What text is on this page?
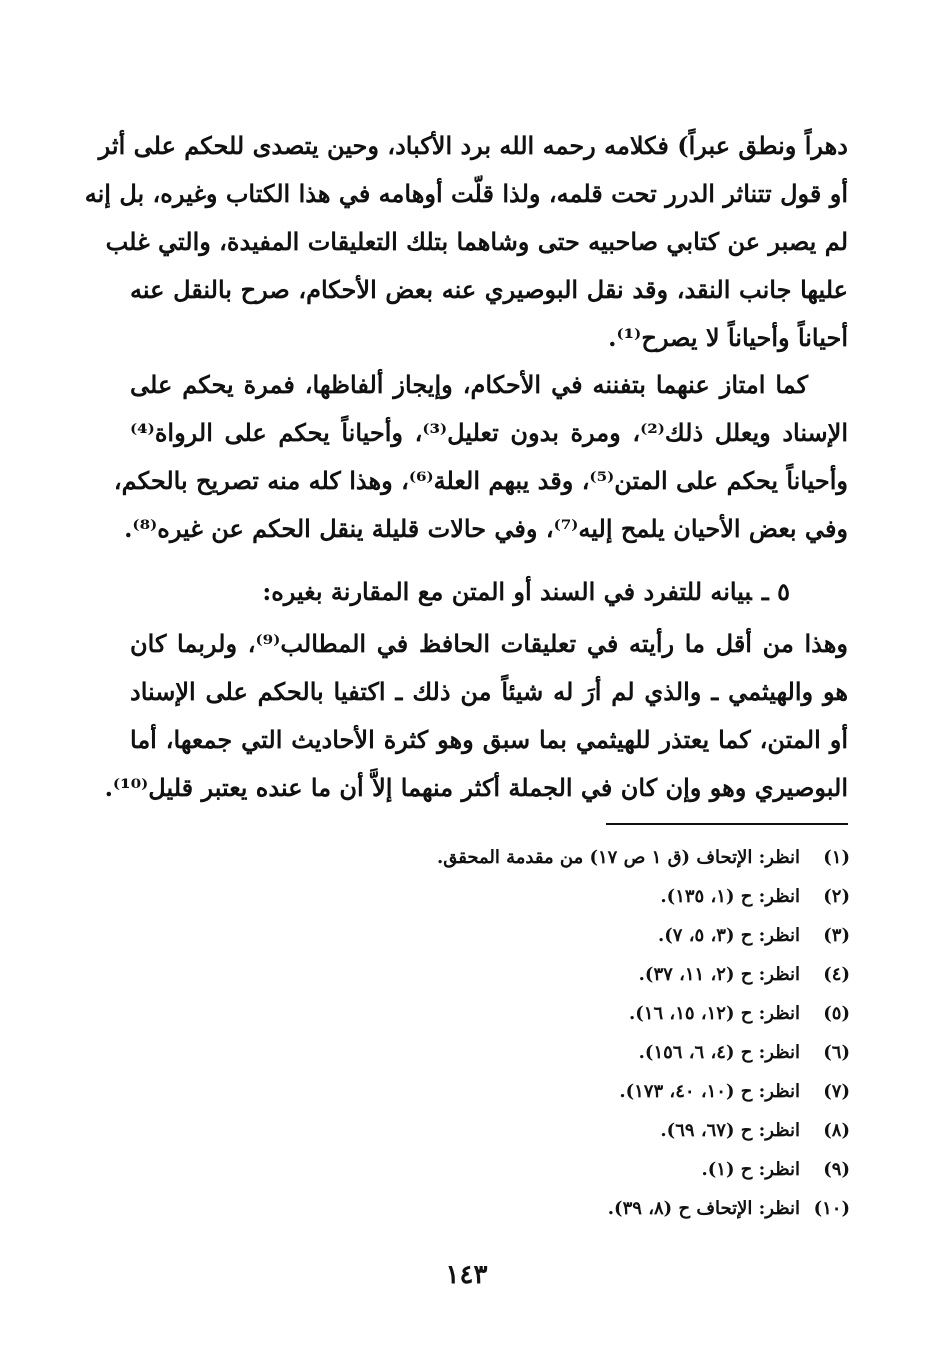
دهراً ونطق عبراً) فكلامه رحمه الله برد الأكباد، وحين يتصدى للحكم على أثر
أو قول تتناثر الدرر تحت قلمه، ولذا قلّت أوهامه في هذا الكتاب وغيره، بل إنه
لم يصبر عن كتابي صاحبيه حتى وشاهما بتلك التعليقات المفيدة، والتي غلب
عليها جانب النقد، وقد نقل البوصيري عنه بعض الأحكام، صرح بالنقل عنه
أحياناً وأحياناً لا يصرح⁽¹⁾.
كما امتاز عنهما بتفننه في الأحكام، وإيجاز ألفاظها، فمرة يحكم على
الإسناد ويعلل ذلك⁽²⁾، ومرة بدون تعليل⁽³⁾، وأحياناً يحكم على الرواة⁽⁴⁾
وأحياناً يحكم على المتن⁽⁵⁾، وقد يبهم العلة⁽⁶⁾، وهذا كله منه تصريح بالحكم،
وفي بعض الأحيان يلمح إليه⁽⁷⁾، وفي حالات قليلة ينقل الحكم عن غيره⁽⁸⁾.
٥ ـبيانه للتفرد في السند أو المتن مع المقارنة بغيره:
وهذا من أقل ما رأيته في تعليقات الحافظ في المطالب⁽⁹⁾، ولربما كان
هو والهيثمي ـ والذي لم أرَ له شيئاً من ذلك ـ اكتفيا بالحكم على الإسناد
أو المتن، كما يعتذر للهيثمي بما سبق وهو كثرة الأحاديث التي جمعها، أما
البوصيري وهو وإن كان في الجملة أكثر منهما إلاَّ أن ما عنده يعتبر قليل⁽¹⁰⁾.
(١)انظر: الإتحاف (ق ١ ص ١٧) من مقدمة المحقق.
(٢)انظر: ح (١، ١٣٥).
(٣)انظر: ح (٣، ٥، ٧).
(٤)انظر: ح (٢، ١١، ٣٧).
(٥)انظر: ح (١٢، ١٥، ١٦).
(٦)انظر: ح (٤، ٦، ١٥٦).
(٧)انظر: ح (١٠، ٤٠، ١٧٣).
(٨)انظر: ح (٦٧، ٦٩).
(٩)انظر: ح (١).
(١٠)انظر: الإتحاف ح (٨، ٣٩).
١٤٣
